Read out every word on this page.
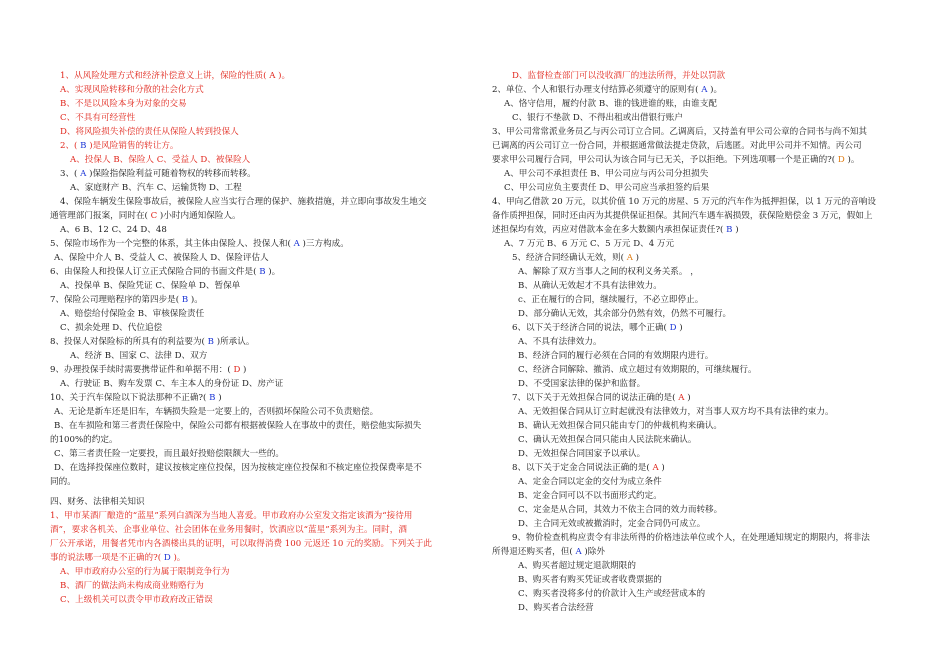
1、从风险处理方式和经济补偿意义上讲，保险的性质( A )。
A、实现风险转移和分散的社会化方式
B、不是以风险本身为对象的交易
C、不具有可经营性
D、将风险损失补偿的责任从保险人转到投保人
2、( B )是风险销售的转让方。
A、投保人 B、保险人 C、受益人 D、被保险人
3、( A )保险指保险利益可随着物权的转移而转移。
A、家庭财产 B、汽车 C、运输货物 D、工程
4、保险车辆发生保险事故后，被保险人应当实行合理的保护、施救措施，并立即向事故发生地交
通管理部门报案，同时在( C )小时内通知保险人。
A、6 B、12 C、24 D、48
5、保险市场作为一个完整的体系，其主体由保险人、投保人和( A )三方构成。
A、保险中介人 B、受益人 C、被保险人 D、保险评估人
6、由保险人和投保人订立正式保险合同的书面文件是( B )。
A、投保单 B、保险凭证 C、保险单 D、暂保单
7、保险公司理赔程序的第四步是( B )。
A、赔偿给付保险金 B、审核保险责任
C、损余处理 D、代位追偿
8、投保人对保险标的所具有的利益要为( B )所承认。
A、经济 B、国家 C、法律 D、双方
9、办理投保手续时需要携带证件和单据不用：( D )
A、行驶证 B、购车发票 C、车主本人的身份证 D、房产证
10、关于汽车保险以下说法那种不正确?( B )
A、无论是新车还是旧车，车辆损失险是一定要上的，否则损坏保险公司不负责赔偿。
B、在车损险和第三者责任保险中，保险公司都有根据被保险人在事故中的责任，赔偿他实际损失
的100%的约定。
C、第三者责任险一定要投，而且最好投赔偿限额大一些的。
D、在选择投保座位数时，建议按核定座位投保，因为按核定座位投保和不核定座位投保费率是不
同的。
四、财务、法律相关知识
1、甲市某酒厂酿造的“蓝星”系列白酒深为当地人喜爱。甲市政府办公室发文指定该酒为“接待用
酒”，要求各机关、企事业单位、社会团体在业务用餐时，饮酒应以“蓝星”系列为主。同时，酒
厂公开承诺，用餐者凭市内各酒楼出具的证明，可以取得消费 100 元返还 10 元的奖励。下列关于此
事的说法哪一项是不正确的?( D )。
A、甲市政府办公室的行为属于限制竞争行为
B、酒厂的做法尚未构成商业贿赂行为
C、上级机关可以责令甲市政府改正错误
D、监督检查部门可以没收酒厂的违法所得，并处以罚款
2、单位、个人和银行办理支付结算必须遵守的原则有( A )。
A、恪守信用，履约付款 B、谁的钱进谁的账，由谁支配
C、银行不垫款 D、不得出租或出借银行账户
3、甲公司常常派业务员乙与丙公司订立合同。乙调离后，又持盖有甲公司公章的合同书与尚不知其
已调离的丙公司订立一份合同，并根据通常做法提走贷款，后逃匿。对此甲公司并不知情。丙公司
要求甲公司履行合同，甲公司认为该合同与已无关，予以拒绝。下列选项哪一个是正确的?( D )。
A、甲公司不承担责任 B、甲公司应与丙公司分担损失
C、甲公司应负主要责任 D、甲公司应当承担签约后果
4、甲向乙借款 20 万元，以其价值 10 万元的房屋、5 万元的汽车作为抵押担保，以 1 万元的音响设
备作质押担保，同时还由丙为其提供保证担保。其间汽车遇车祸损毁，获保险赔偿金 3 万元，假如上
述担保均有效，丙应对借款本金在多大数额内承担保证责任?( B )
A、7 万元 B、6 万元 C、5 万元 D、4 万元
5、经济合同经确认无效，则( A )
A、解除了双方当事人之间的权利义务关系。 ，
B、从确认无效起才不具有法律效力。
c、正在履行的合同，继续履行，不必立即停止。
D、部分确认无效，其余部分仍然有效，仍然不可履行。
6、以下关于经济合同的说法，哪个正确( D )
A、不具有法律效力。
B、经济合同的履行必须在合同的有效期限内进行。
C、经济合同解除、撤消、成立超过有效期限的，可继续履行。
D、不受国家法律的保护和监督。
7、以下关于无效担保合同的说法正确的是( A )
A、无效担保合同从订立时起就没有法律效力，对当事人双方均不具有法律约束力。
B、确认无效担保合同只能由专门的仲裁机构来确认。
C、确认无效担保合同只能由人民法院来确认。
D、无效担保合同国家予以承认。
8、以下关于定金合同说法正确的是( A )
A、定金合同以定金的交付为成立条件
B、定金合同可以不以书面形式约定。
C、定金是从合同，其效力不依主合同的效力而转移。
D、主合同无效或被撤消时，定金合同仍可成立。
9、物价检查机构应责令有非法所得的价格违法单位或个人，在处理通知规定的期限内，将非法
所得退还购买者，但( A )除外
A、购买者超过规定退款期限的
B、购买者有购买凭证或者收费票据的
C、购买者没将多付的价款计入生产或经营成本的
D、购买者合法经营
